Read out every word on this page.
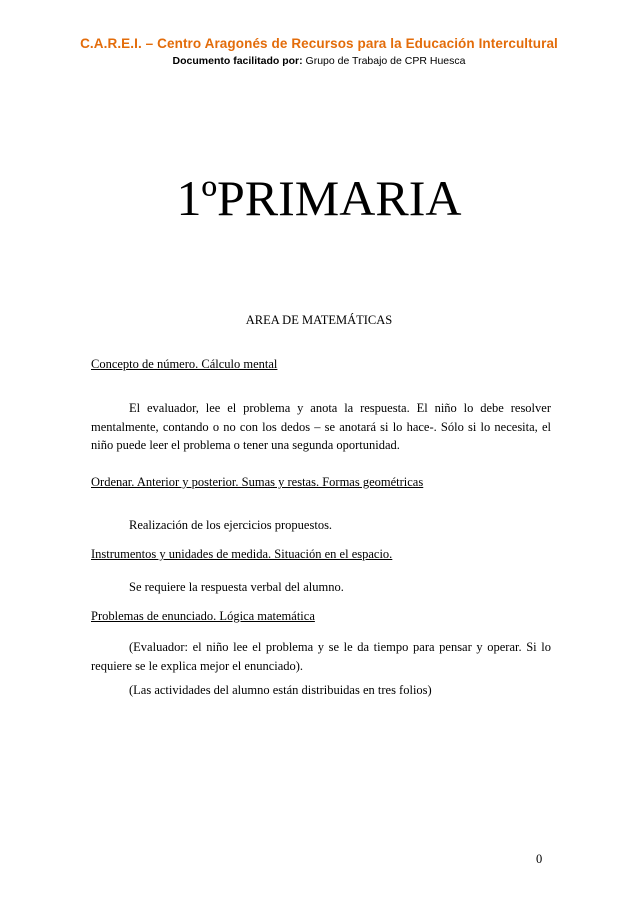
C.A.R.E.I. – Centro Aragonés de Recursos para la Educación Intercultural
Documento facilitado por: Grupo de Trabajo de CPR Huesca
1ºPRIMARIA
AREA DE MATEMÁTICAS
Concepto de número. Cálculo mental

El evaluador, lee el problema y anota la respuesta. El niño lo debe resolver mentalmente, contando o no con los dedos – se anotará si lo hace-. Sólo si lo necesita, el niño puede leer el problema o tener una segunda oportunidad.

Ordenar. Anterior y posterior. Sumas y restas. Formas geométricas
Realización de los ejercicios propuestos.
Instrumentos y unidades de medida. Situación en el espacio.
Se requiere la respuesta verbal del alumno.
Problemas de enunciado. Lógica matemática

(Evaluador: el niño lee el problema y se le da tiempo para pensar y operar. Si lo requiere se le explica mejor el enunciado).

(Las actividades del alumno están distribuidas en tres folios)
0
